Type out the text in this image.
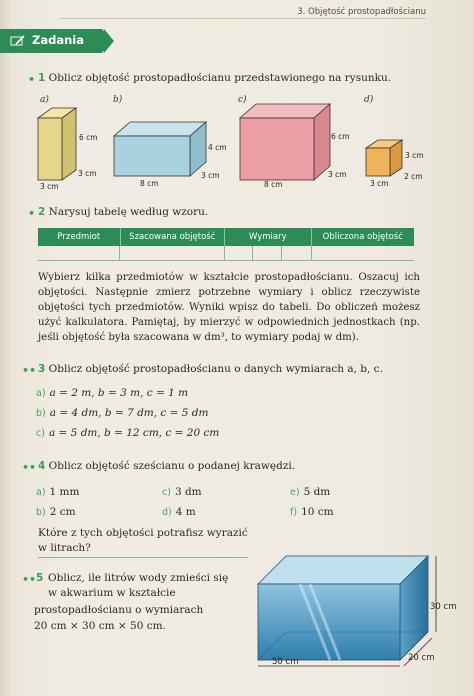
3. Objętość prostopadłościanu
Zadania
• 1 Oblicz objętość prostopadłościanu przedstawionego na rysunku.
a)	b)	c)	d)
6 cm
3 cm
3 cm
4 cm
3 cm
8 cm
6 cm
3 cm
8 cm
3 cm
2 cm
3 cm
• 2 Narysuj tabelę według wzoru.
Przedmiot	Szacowana objętość	Wymiary	Obliczona objętość
Wybierz kilka przedmiotów w kształcie prostopadłościanu. Oszacuj ich objętości. Następnie zmierz potrzebne wymiary i oblicz rzeczywiste objętości tych przedmiotów. Wyniki wpisz do tabeli. Do obliczeń możesz użyć kalkulatora. Pamiętaj, by mierzyć w odpowiednich jednostkach (np. jeśli objętość była szacowana w dm³, to wymiary podaj w dm).
•• 3 Oblicz objętość prostopadłościanu o danych wymiarach a, b, c.
a) a = 2 m, b = 3 m, c = 1 m
b) a = 4 dm, b = 7 dm, c = 5 dm
c) a = 5 dm, b = 12 cm, c = 20 cm
•• 4 Oblicz objętość sześcianu o podanej krawędzi.
a) 1 mm
b) 2 cm
c) 3 dm
d) 4 m
e) 5 dm
f) 10 cm
Które z tych objętości potrafisz wyrazić
w litrach?
•• 5 Oblicz, ile litrów wody zmieści się
w akwarium w kształcie
prostopadłościanu o wymiarach
20 cm × 30 cm × 50 cm.
30 cm
50 cm	20 cm
